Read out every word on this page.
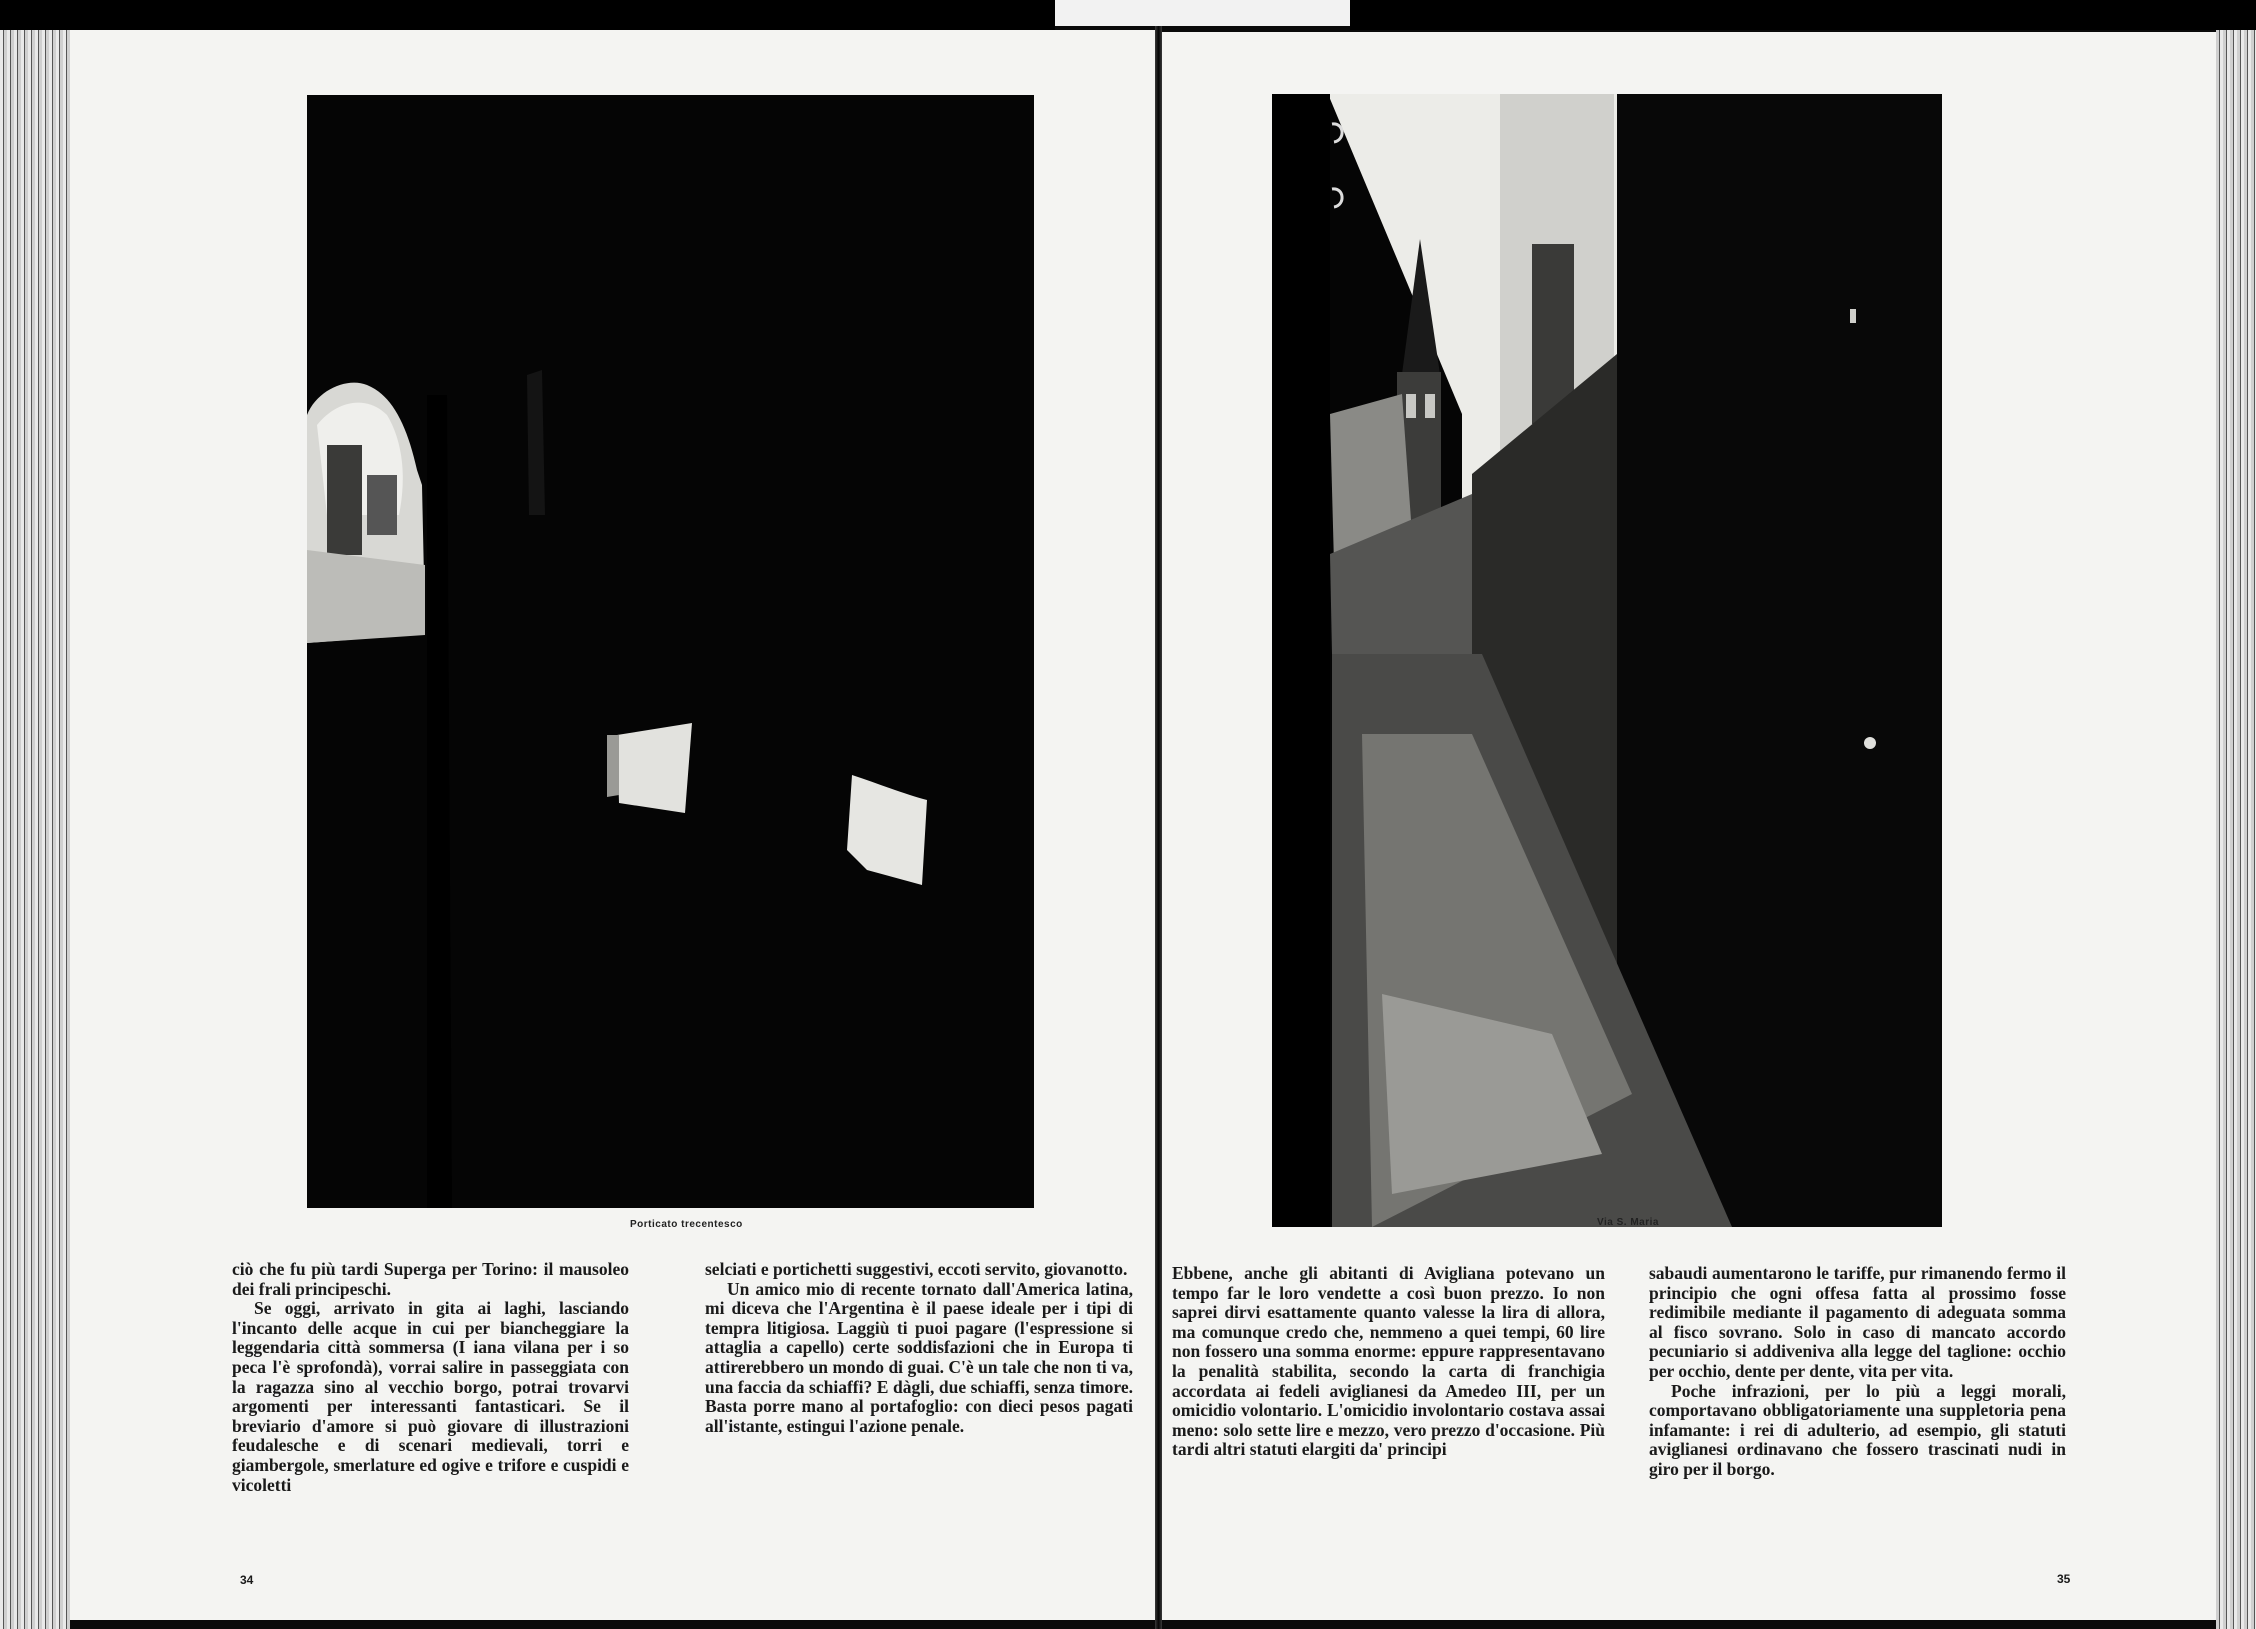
Porticato trecentesco

ciò che fu più tardi Superga per Torino: il mausoleo dei frali principeschi.

Se oggi, arrivato in gita ai laghi, lasciando l'incanto delle acque in cui per biancheggiare la leggendaria città sommersa (I iana vilana per i so peca l'è sprofondà), vorrai salire in passeggiata con la ragazza sino al vecchio borgo, potrai trovarvi argomenti per interessanti fantasticari. Se il breviario d'amore si può giovare di illustrazioni feudalesche e di scenari medievali, torri e giambergole, smerlature ed ogive e trifore e cuspidi e vicoletti

selciati e portichetti suggestivi, eccoti servito, giovanotto.

Un amico mio di recente tornato dall'America latina, mi diceva che l'Argentina è il paese ideale per i tipi di tempra litigiosa. Laggiù ti puoi pagare (l'espressione si attaglia a capello) certe soddisfazioni che in Europa ti attirerebbero un mondo di guai. C'è un tale che non ti va, una faccia da schiaffi? E dàgli, due schiaffi, senza timore. Basta porre mano al portafoglio: con dieci pesos pagati all'istante, estingui l'azione penale.

34
Via S. Maria

Ebbene, anche gli abitanti di Avigliana potevano un tempo far le loro vendette a così buon prezzo. Io non saprei dirvi esattamente quanto valesse la lira di allora, ma comunque credo che, nemmeno a quei tempi, 60 lire non fossero una somma enorme: eppure rappresentavano la penalità stabilita, secondo la carta di franchigia accordata ai fedeli aviglianesi da Amedeo III, per un omicidio volontario. L'omicidio involontario costava assai meno: solo sette lire e mezzo, vero prezzo d'occasione. Più tardi altri statuti elargiti da' principi

sabaudi aumentarono le tariffe, pur rimanendo fermo il principio che ogni offesa fatta al prossimo fosse redimibile mediante il pagamento di adeguata somma al fisco sovrano. Solo in caso di mancato accordo pecuniario si addiveniva alla legge del taglione: occhio per occhio, dente per dente, vita per vita.

Poche infrazioni, per lo più a leggi morali, comportavano obbligatoriamente una suppletoria pena infamante: i rei di adulterio, ad esempio, gli statuti aviglianesi ordinavano che fossero trascinati nudi in giro per il borgo.

35
